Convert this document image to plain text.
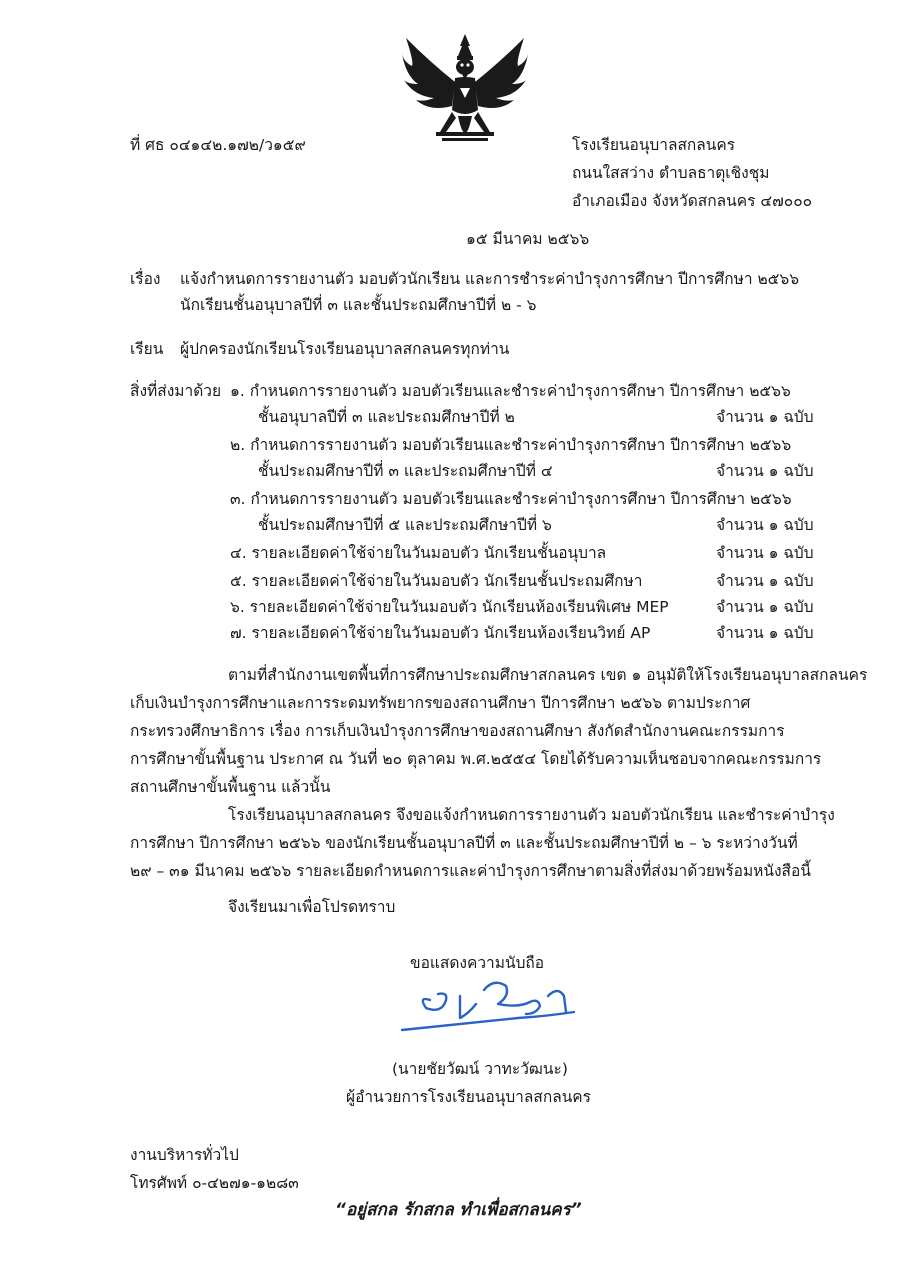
ที่ ศธ ๐๔๑๔๒.๑๗๒/ว๑๕๙	โรงเรียนอนุบาลสกลนคร
ถนนใสสว่าง ตำบลธาตุเชิงชุม
อำเภอเมือง จังหวัดสกลนคร ๔๗๐๐๐
๑๕ มีนาคม ๒๕๖๖
เรื่อง แจ้งกำหนดการรายงานตัว มอบตัวนักเรียน และการชำระค่าบำรุงการศึกษา ปีการศึกษา ๒๕๖๖
นักเรียนชั้นอนุบาลปีที่ ๓ และชั้นประถมศึกษาปีที่ ๒ - ๖
เรียน ผู้ปกครองนักเรียนโรงเรียนอนุบาลสกลนครทุกท่าน
สิ่งที่ส่งมาด้วย ๑. กำหนดการรายงานตัว มอบตัวเรียนและชำระค่าบำรุงการศึกษา ปีการศึกษา ๒๕๖๖
ชั้นอนุบาลปีที่ ๓ และประถมศึกษาปีที่ ๒	จำนวน ๑ ฉบับ
๒. กำหนดการรายงานตัว มอบตัวเรียนและชำระค่าบำรุงการศึกษา ปีการศึกษา ๒๕๖๖
ชั้นประถมศึกษาปีที่ ๓ และประถมศึกษาปีที่ ๔	จำนวน ๑ ฉบับ
๓. กำหนดการรายงานตัว มอบตัวเรียนและชำระค่าบำรุงการศึกษา ปีการศึกษา ๒๕๖๖
ชั้นประถมศึกษาปีที่ ๕ และประถมศึกษาปีที่ ๖	จำนวน ๑ ฉบับ
๔. รายละเอียดค่าใช้จ่ายในวันมอบตัว นักเรียนชั้นอนุบาล	จำนวน ๑ ฉบับ
๕. รายละเอียดค่าใช้จ่ายในวันมอบตัว นักเรียนชั้นประถมศึกษา	จำนวน ๑ ฉบับ
๖. รายละเอียดค่าใช้จ่ายในวันมอบตัว นักเรียนห้องเรียนพิเศษ MEP	จำนวน ๑ ฉบับ
๗. รายละเอียดค่าใช้จ่ายในวันมอบตัว นักเรียนห้องเรียนวิทย์ AP	จำนวน ๑ ฉบับ
ตามที่สำนักงานเขตพื้นที่การศึกษาประถมศึกษาสกลนคร เขต ๑ อนุมัติให้โรงเรียนอนุบาลสกลนคร
เก็บเงินบำรุงการศึกษาและการระดมทรัพยากรของสถานศึกษา ปีการศึกษา ๒๕๖๖ ตามประกาศ
กระทรวงศึกษาธิการ เรื่อง การเก็บเงินบำรุงการศึกษาของสถานศึกษา สังกัดสำนักงานคณะกรรมการ
การศึกษาขั้นพื้นฐาน ประกาศ ณ วันที่ ๒๐ ตุลาคม พ.ศ.๒๕๕๔ โดยได้รับความเห็นชอบจากคณะกรรมการ
สถานศึกษาขั้นพื้นฐาน แล้วนั้น
โรงเรียนอนุบาลสกลนคร จึงขอแจ้งกำหนดการรายงานตัว มอบตัวนักเรียน และชำระค่าบำรุง
การศึกษา ปีการศึกษา ๒๕๖๖ ของนักเรียนชั้นอนุบาลปีที่ ๓ และชั้นประถมศึกษาปีที่ ๒ – ๖ ระหว่างวันที่
๒๙ – ๓๑ มีนาคม ๒๕๖๖ รายละเอียดกำหนดการและค่าบำรุงการศึกษาตามสิ่งที่ส่งมาด้วยพร้อมหนังสือนี้
จึงเรียนมาเพื่อโปรดทราบ
ขอแสดงความนับถือ
(นายชัยวัฒน์ วาทะวัฒนะ)
ผู้อำนวยการโรงเรียนอนุบาลสกลนคร
งานบริหารทั่วไป
โทรศัพท์ ๐-๔๒๗๑-๑๒๘๓
“อยู่สกล รักสกล ทำเพื่อสกลนคร”
